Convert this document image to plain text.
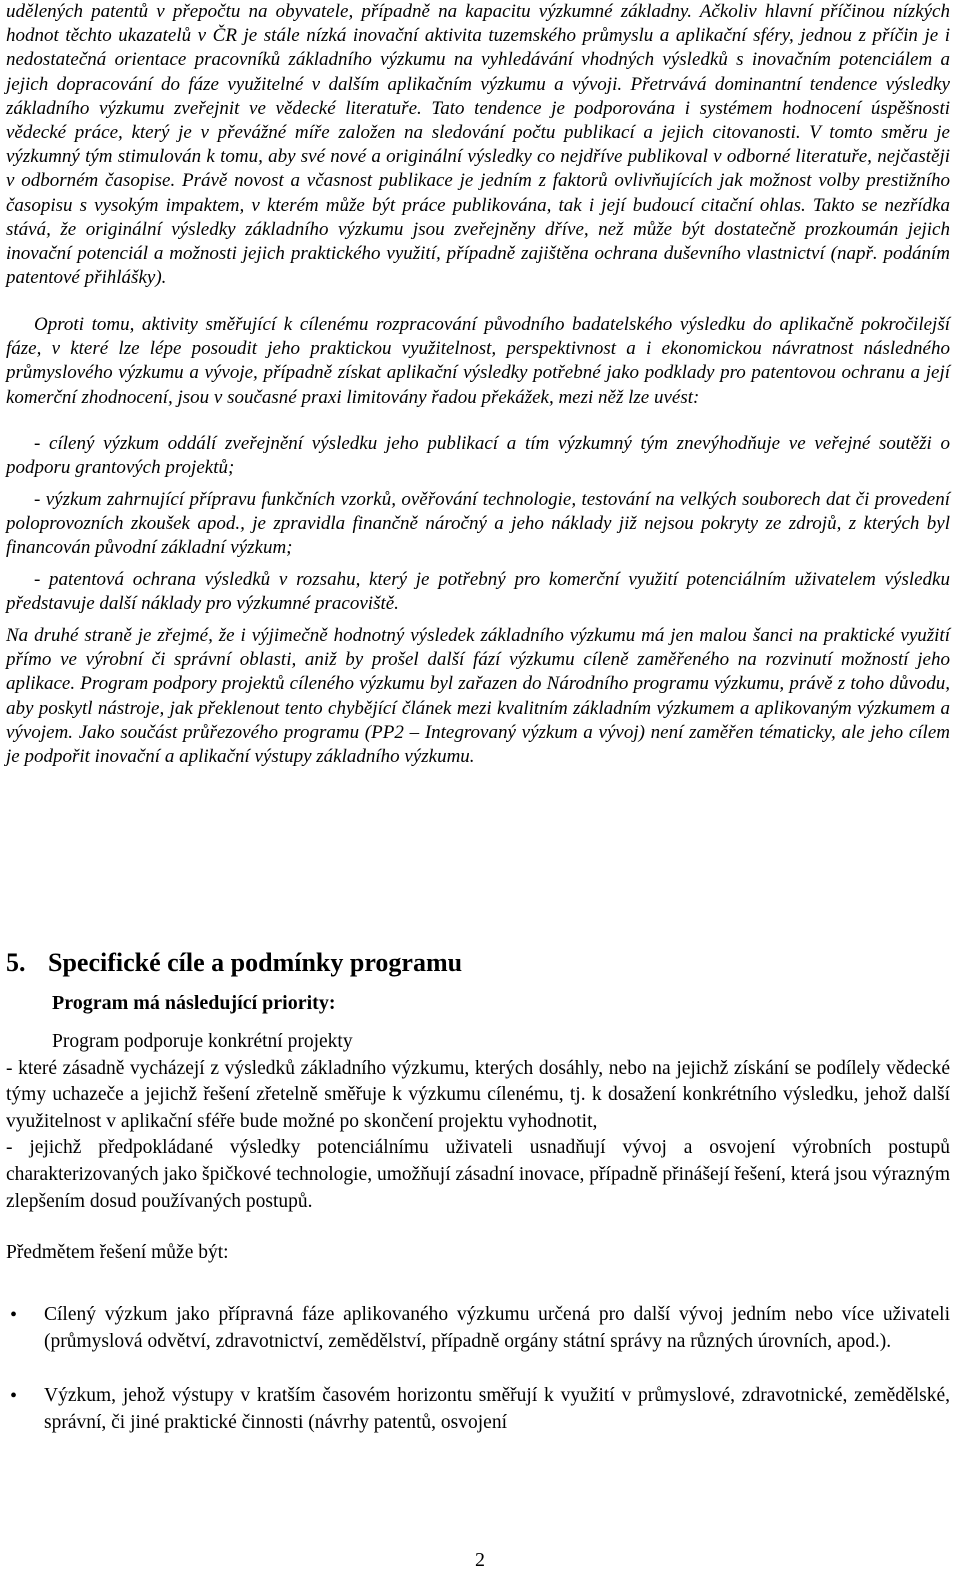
udělených patentů v přepočtu na obyvatele, případně na kapacitu výzkumné základny. Ačkoliv hlavní příčinou nízkých hodnot těchto ukazatelů v ČR je stále nízká inovační aktivita tuzemského průmyslu a aplikační sféry, jednou z příčin je i nedostatečná orientace pracovníků základního výzkumu na vyhledávání vhodných výsledků s inovačním potenciálem a jejich dopracování do fáze využitelné v dalším aplikačním výzkumu a vývoji. Přetrvává dominantní tendence výsledky základního výzkumu zveřejnit ve vědecké literatuře. Tato tendence je podporována i systémem hodnocení úspěšnosti vědecké práce, který je v převážné míře založen na sledování počtu publikací a jejich citovanosti. V tomto směru je výzkumný tým stimulován k tomu, aby své nové a originální výsledky co nejdříve publikoval v odborné literatuře, nejčastěji v odborném časopise. Právě novost a včasnost publikace je jedním z faktorů ovlivňujících jak možnost volby prestižního časopisu s vysokým impaktem, v kterém může být práce publikována, tak i její budoucí citační ohlas. Takto se nezřídka stává, že originální výsledky základního výzkumu jsou zveřejněny dříve, než může být dostatečně prozkoumán jejich inovační potenciál a možnosti jejich praktického využití, případně zajištěna ochrana duševního vlastnictví (např. podáním patentové přihlášky).

Oproti tomu, aktivity směřující k cílenému rozpracování původního badatelského výsledku do aplikačně pokročilejší fáze, v které lze lépe posoudit jeho praktickou využitelnost, perspektivnost a i ekonomickou návratnost následného průmyslového výzkumu a vývoje, případně získat aplikační výsledky potřebné jako podklady pro patentovou ochranu a její komerční zhodnocení, jsou v současné praxi limitovány řadou překážek, mezi něž lze uvést:

- cílený výzkum oddálí zveřejnění výsledku jeho publikací a tím výzkumný tým znevýhodňuje ve veřejné soutěži o podporu grantových projektů;

- výzkum zahrnující přípravu funkčních vzorků, ověřování technologie, testování na velkých souborech dat či provedení poloprovozních zkoušek apod., je zpravidla finančně náročný a jeho náklady již nejsou pokryty ze zdrojů, z kterých byl financován původní základní výzkum;

- patentová ochrana výsledků v rozsahu, který je potřebný pro komerční využití potenciálním uživatelem výsledku představuje další náklady pro výzkumné pracoviště.

Na druhé straně je zřejmé, že i výjimečně hodnotný výsledek základního výzkumu má jen malou šanci na praktické využití přímo ve výrobní či správní oblasti, aniž by prošel další fází výzkumu cíleně zaměřeného na rozvinutí možností jeho aplikace. Program podpory projektů cíleného výzkumu byl zařazen do Národního programu výzkumu, právě z toho důvodu, aby poskytl nástroje, jak překlenout tento chybějící článek mezi kvalitním základním výzkumem a aplikovaným výzkumem a vývojem. Jako součást průřezového programu (PP2 – Integrovaný výzkum a vývoj) není zaměřen tématicky, ale jeho cílem je podpořit inovační a aplikační výstupy základního výzkumu.

5. Specifické cíle a podmínky programu
Program má následující priority:

Program podporuje konkrétní projekty

- které zásadně vycházejí z výsledků základního výzkumu, kterých dosáhly, nebo na jejichž získání se podílely vědecké týmy uchazeče a jejichž řešení zřetelně směřuje k výzkumu cílenému, tj. k dosažení konkrétního výsledku, jehož další využitelnost v aplikační sféře bude možné po skončení projektu vyhodnotit,

- jejichž předpokládané výsledky potenciálnímu uživateli usnadňují vývoj a osvojení výrobních postupů charakterizovaných jako špičkové technologie, umožňují zásadní inovace, případně přinášejí řešení, která jsou výrazným zlepšením dosud používaných postupů.

Předmětem řešení může být:

• Cílený výzkum jako přípravná fáze aplikovaného výzkumu určená pro další vývoj jedním nebo více uživateli (průmyslová odvětví, zdravotnictví, zemědělství, případně orgány státní správy na různých úrovních, apod.).
• Výzkum, jehož výstupy v kratším časovém horizontu směřují k využití v průmyslové, zdravotnické, zemědělské, správní, či jiné praktické činnosti (návrhy patentů, osvojení
2
